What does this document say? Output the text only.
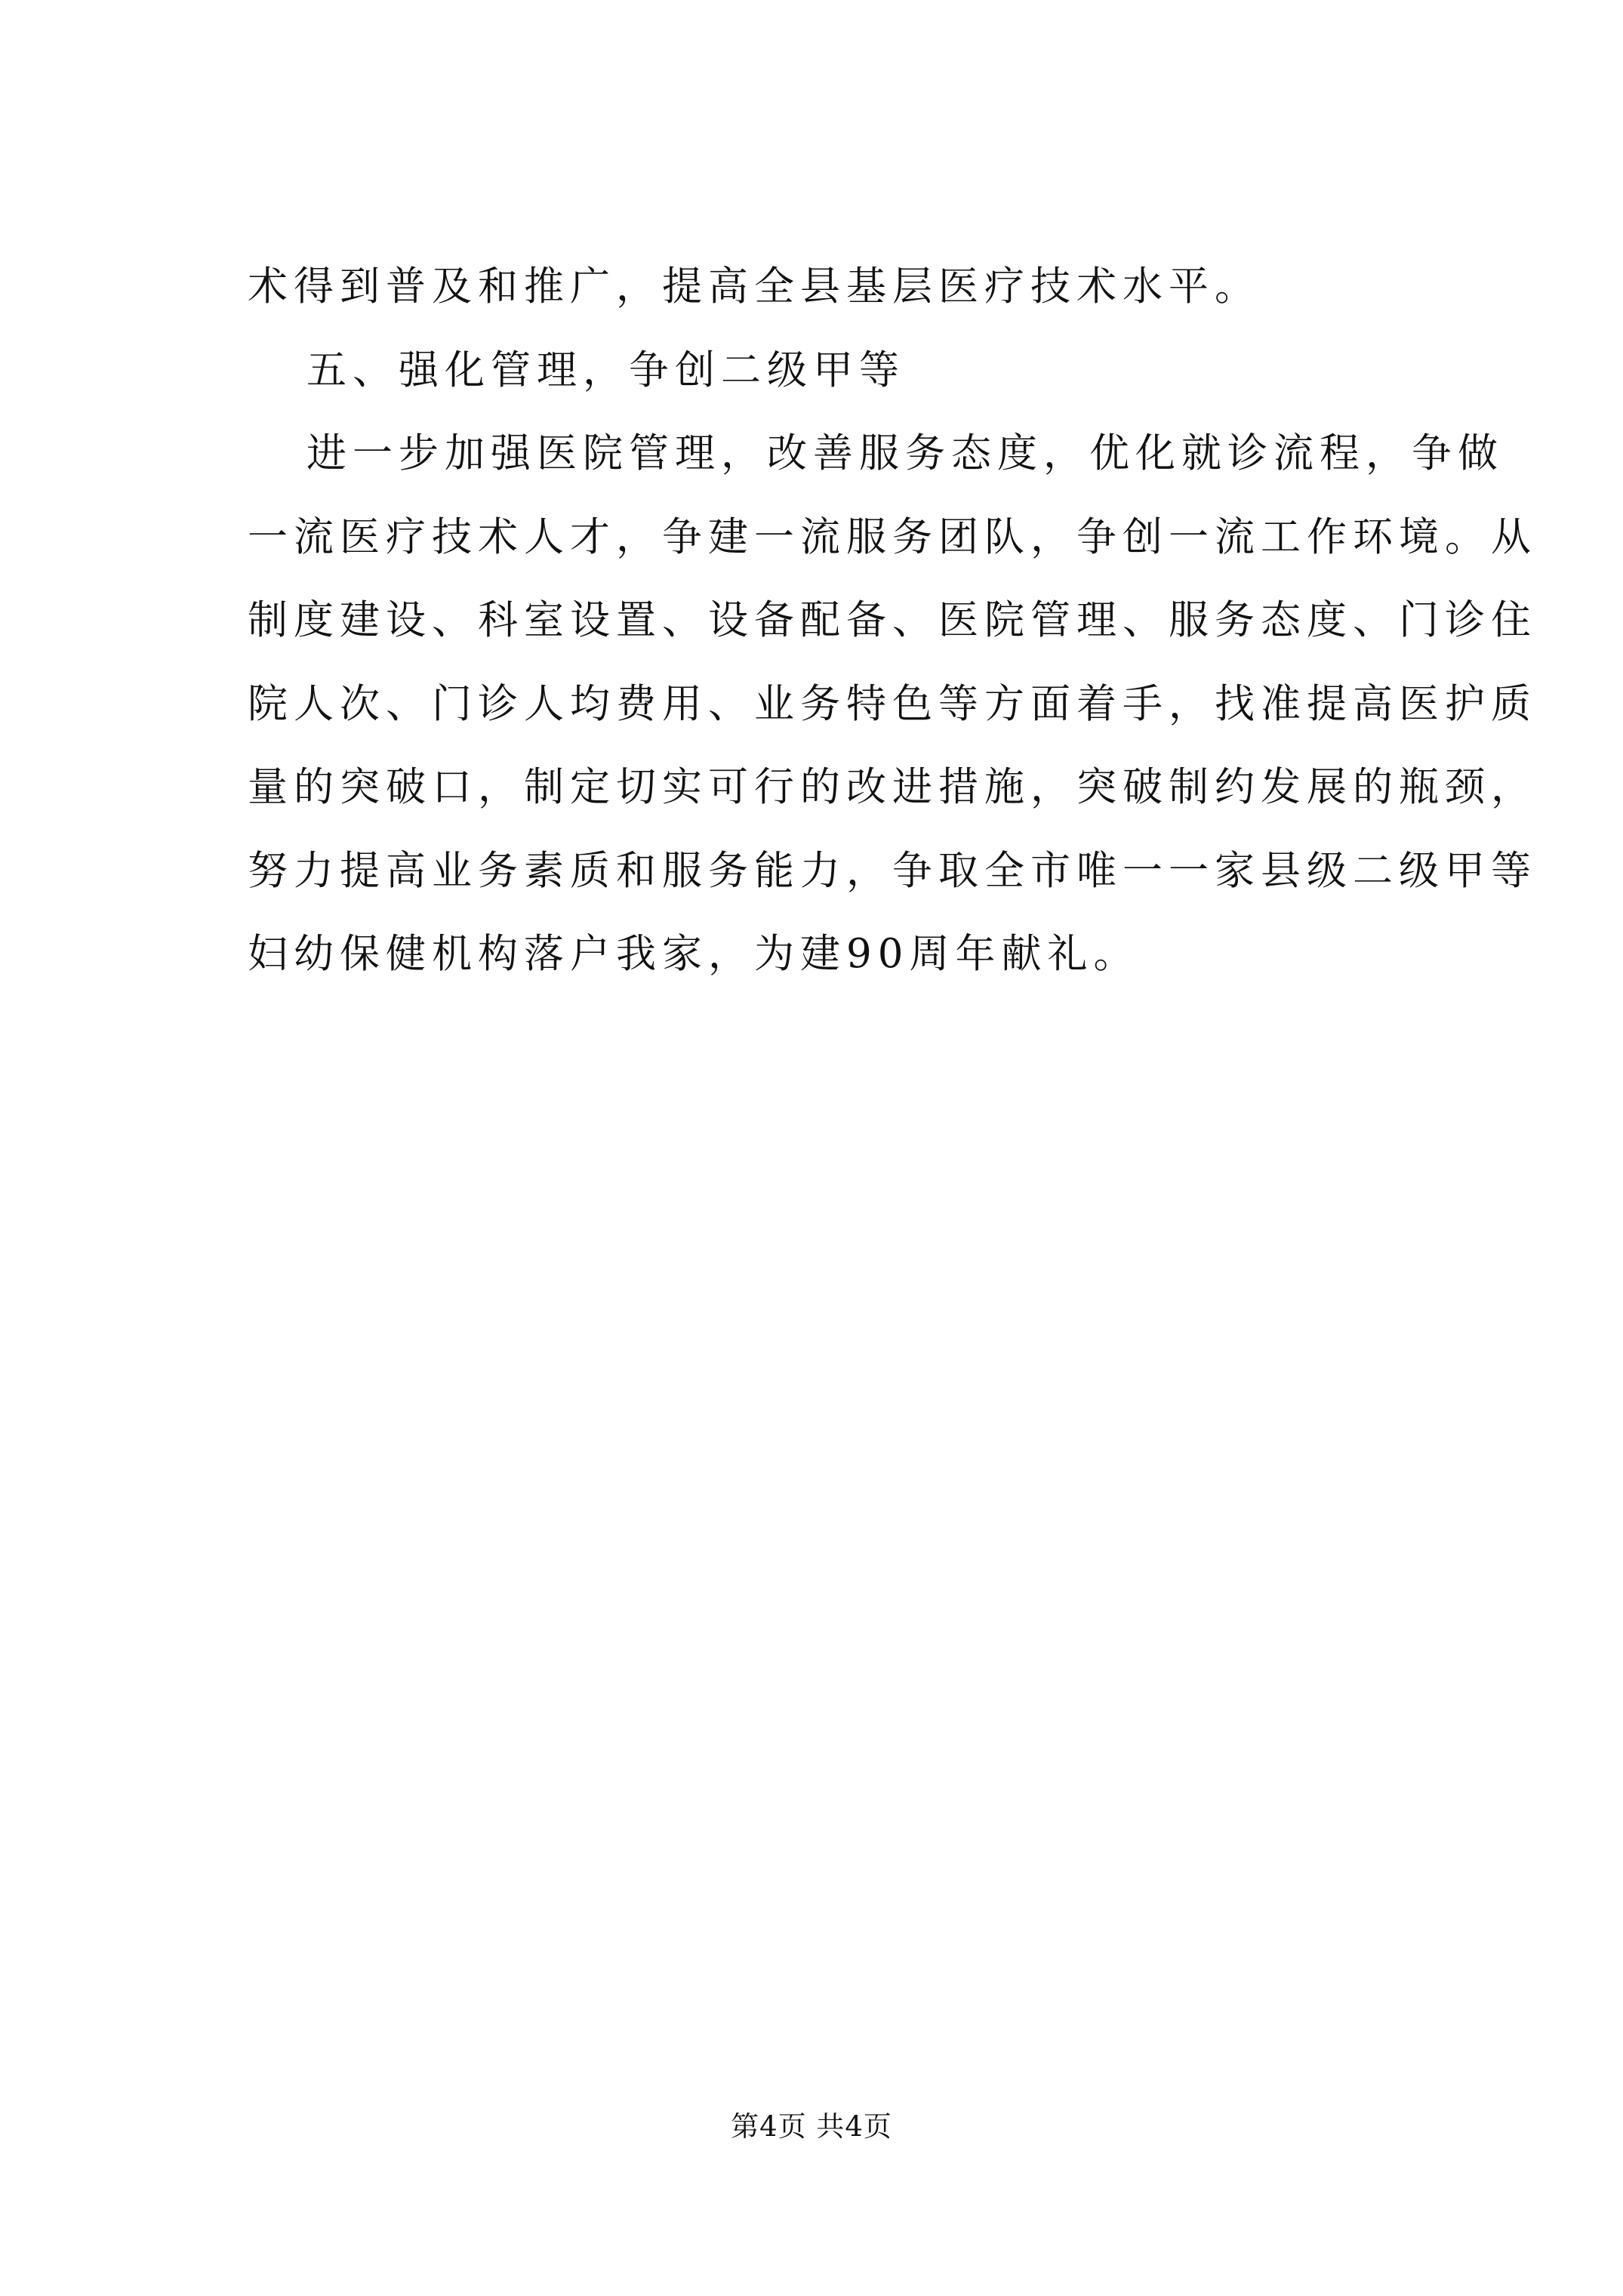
术得到普及和推广，提高全县基层医疗技术水平。
五、强化管理，争创二级甲等
进一步加强医院管理，改善服务态度，优化就诊流程，争做
一流医疗技术人才，争建一流服务团队，争创一流工作环境。从
制度建设、科室设置、设备配备、医院管理、服务态度、门诊住
院人次、门诊人均费用、业务特色等方面着手，找准提高医护质
量的突破口，制定切实可行的改进措施，突破制约发展的瓶颈，
努力提高业务素质和服务能力，争取全市唯一一家县级二级甲等
妇幼保健机构落户我家，为建90周年献礼。
第4页 共4页
